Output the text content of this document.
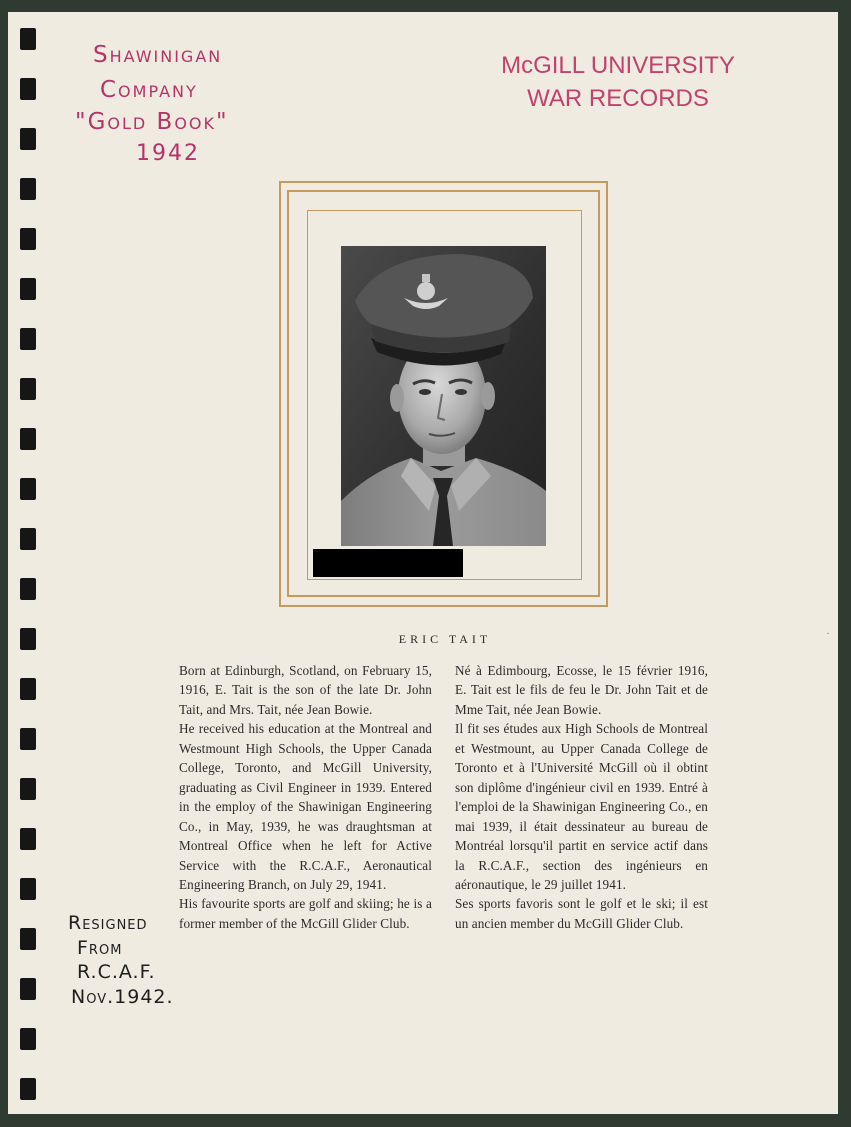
Shawinigan
Company
"Gold Book"
1942
McGILL UNIVERSITY
WAR RECORDS
ERIC TAIT

Born at Edinburgh, Scotland, on February 15, 1916, E. Tait is the son of the late Dr. John Tait, and Mrs. Tait, née Jean Bowie.

He received his education at the Montreal and Westmount High Schools, the Upper Canada College, Toronto, and McGill University, graduating as Civil Engineer in 1939. Entered in the employ of the Shawinigan Engineering Co., in May, 1939, he was draughtsman at Montreal Office when he left for Active Service with the R.C.A.F., Aeronautical Engineering Branch, on July 29, 1941.

His favourite sports are golf and skiing; he is a former member of the McGill Glider Club.

Né à Edimbourg, Ecosse, le 15 février 1916, E. Tait est le fils de feu le Dr. John Tait et de Mme Tait, née Jean Bowie.

Il fit ses études aux High Schools de Montreal et Westmount, au Upper Canada College de Toronto et à l'Université McGill où il obtint son diplôme d'ingénieur civil en 1939. Entré à l'emploi de la Shawinigan Engineering Co., en mai 1939, il était dessinateur au bureau de Montréal lorsqu'il partit en service actif dans la R.C.A.F., section des ingénieurs en aéronautique, le 29 juillet 1941.

Ses sports favoris sont le golf et le ski; il est un ancien member du McGill Glider Club.

Resigned
From
R.C.A.F.
Nov.1942.
·
